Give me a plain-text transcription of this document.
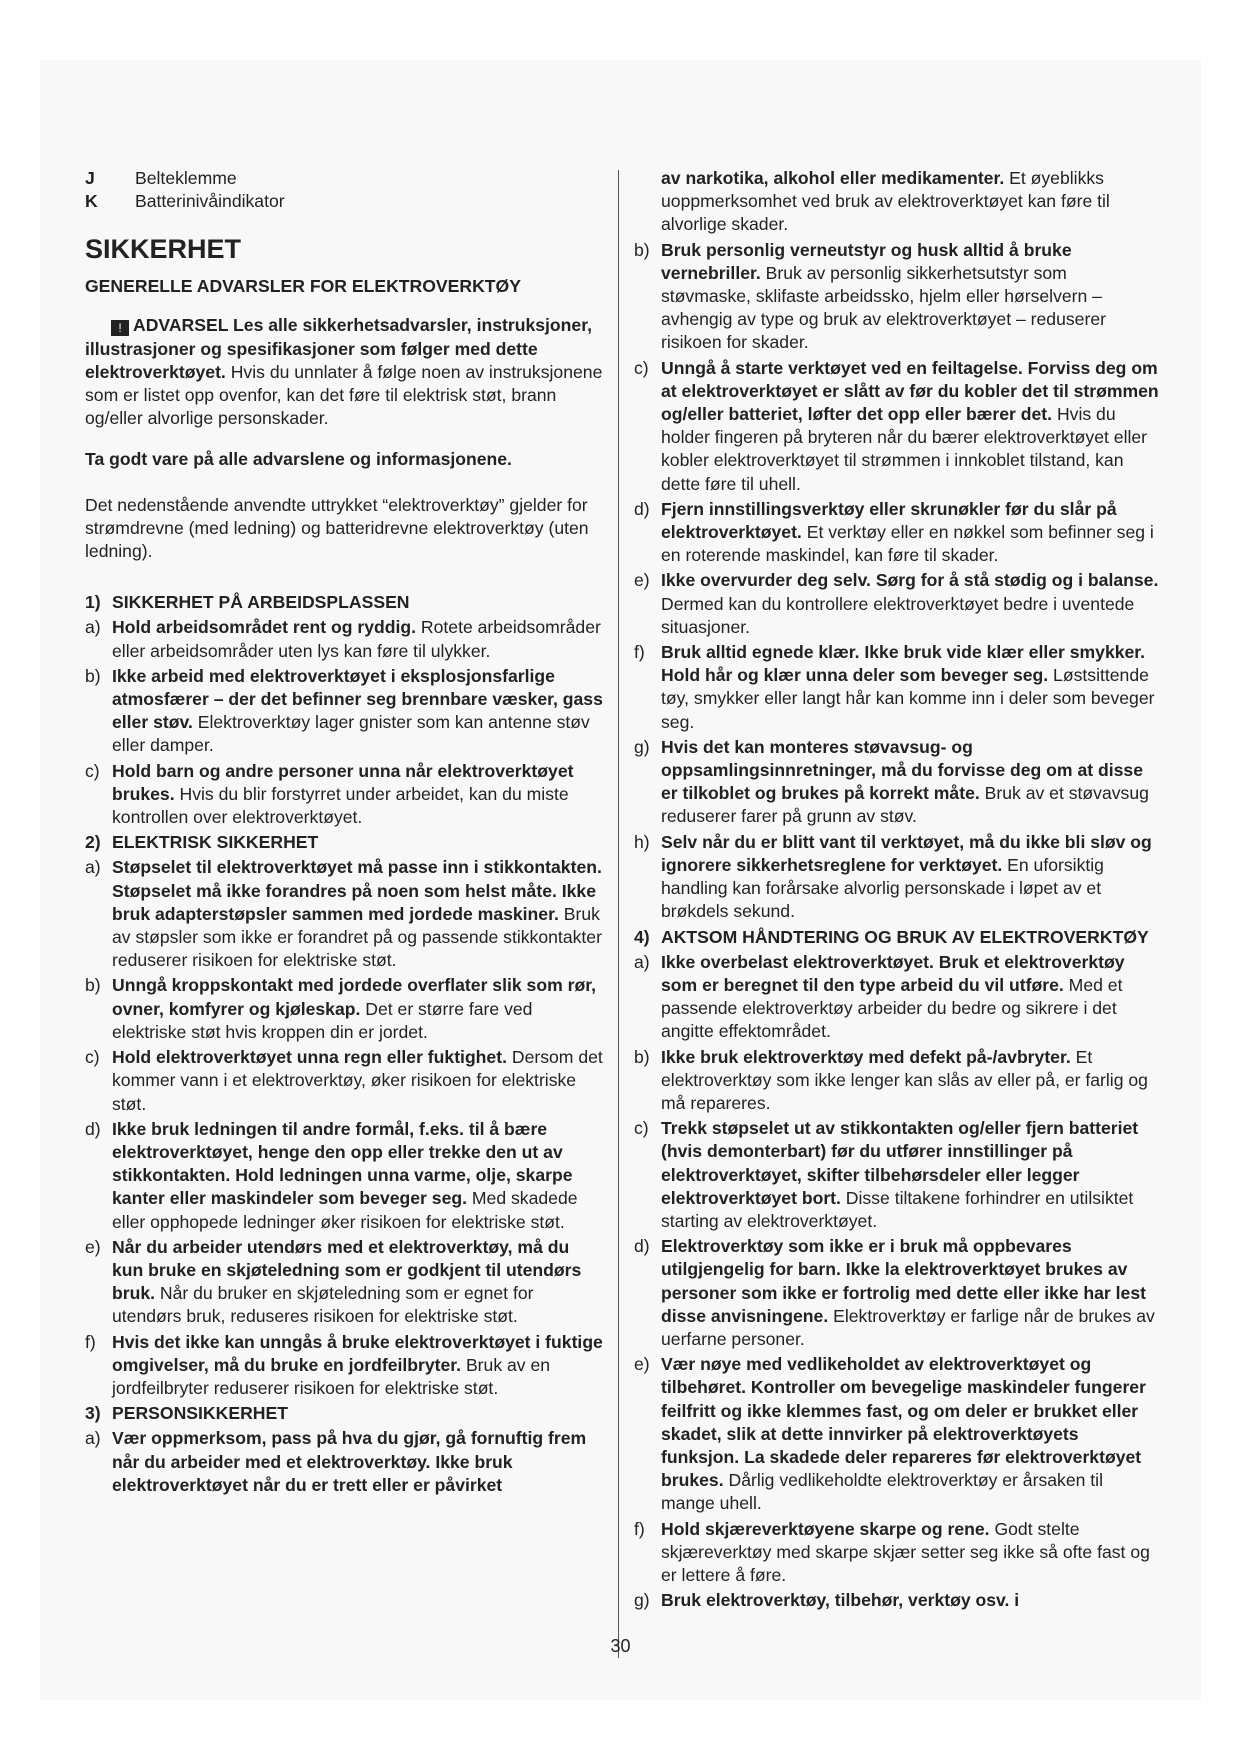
J	Belteklemme
K	Batterinivåindikator
SIKKERHET
GENERELLE ADVARSLER FOR ELEKTROVERKTØY

! ADVARSEL Les alle sikkerhetsadvarsler, instruksjoner, illustrasjoner og spesifikasjoner som følger med dette elektroverktøyet. Hvis du unnlater å følge noen av instruksjonene som er listet opp ovenfor, kan det føre til elektrisk støt, brann og/eller alvorlige personskader.

Ta godt vare på alle advarslene og informasjonene.

Det nedenstående anvendte uttrykket “elektroverktøy” gjelder for strømdrevne (med ledning) og batteridrevne elektroverktøy (uten ledning).

1) SIKKERHET PÅ ARBEIDSPLASSEN
a) Hold arbeidsområdet rent og ryddig. Rotete arbeidsområder eller arbeidsområder uten lys kan føre til ulykker.
b) Ikke arbeid med elektroverktøyet i eksplosjonsfarlige atmosfærer – der det befinner seg brennbare væsker, gass eller støv. Elektroverktøy lager gnister som kan antenne støv eller damper.
c) Hold barn og andre personer unna når elektroverktøyet brukes. Hvis du blir forstyrret under arbeidet, kan du miste kontrollen over elektroverktøyet.
2) ELEKTRISK SIKKERHET
a) Støpselet til elektroverktøyet må passe inn i stikkontakten. Støpselet må ikke forandres på noen som helst måte. Ikke bruk adapterstøpsler sammen med jordede maskiner. Bruk av støpsler som ikke er forandret på og passende stikkontakter reduserer risikoen for elektriske støt.
b) Unngå kroppskontakt med jordede overflater slik som rør, ovner, komfyrer og kjøleskap. Det er større fare ved elektriske støt hvis kroppen din er jordet.
c) Hold elektroverktøyet unna regn eller fuktighet. Dersom det kommer vann i et elektroverktøy, øker risikoen for elektriske støt.
d) Ikke bruk ledningen til andre formål, f.eks. til å bære elektroverktøyet, henge den opp eller trekke den ut av stikkontakten. Hold ledningen unna varme, olje, skarpe kanter eller maskindeler som beveger seg. Med skadede eller opphopede ledninger øker risikoen for elektriske støt.
e) Når du arbeider utendørs med et elektroverktøy, må du kun bruke en skjøteledning som er godkjent til utendørs bruk. Når du bruker en skjøteledning som er egnet for utendørs bruk, reduseres risikoen for elektriske støt.
f) Hvis det ikke kan unngås å bruke elektroverktøyet i fuktige omgivelser, må du bruke en jordfeilbryter. Bruk av en jordfeilbryter reduserer risikoen for elektriske støt.
3) PERSONSIKKERHET
a) Vær oppmerksom, pass på hva du gjør, gå fornuftig frem når du arbeider med et elektroverktøy. Ikke bruk elektroverktøyet når du er trett eller er påvirket

av narkotika, alkohol eller medikamenter. Et øyeblikks uoppmerksomhet ved bruk av elektroverktøyet kan føre til alvorlige skader.

b) Bruk personlig verneutstyr og husk alltid å bruke vernebriller. Bruk av personlig sikkerhetsutstyr som støvmaske, sklifaste arbeidssko, hjelm eller hørselvern – avhengig av type og bruk av elektroverktøyet – reduserer risikoen for skader.
c) Unngå å starte verktøyet ved en feiltagelse. Forviss deg om at elektroverktøyet er slått av før du kobler det til strømmen og/eller batteriet, løfter det opp eller bærer det. Hvis du holder fingeren på bryteren når du bærer elektroverktøyet eller kobler elektroverktøyet til strømmen i innkoblet tilstand, kan dette føre til uhell.
d) Fjern innstillingsverktøy eller skrunøkler før du slår på elektroverktøyet. Et verktøy eller en nøkkel som befinner seg i en roterende maskindel, kan føre til skader.
e) Ikke overvurder deg selv. Sørg for å stå stødig og i balanse. Dermed kan du kontrollere elektroverktøyet bedre i uventede situasjoner.
f) Bruk alltid egnede klær. Ikke bruk vide klær eller smykker. Hold hår og klær unna deler som beveger seg. Løstsittende tøy, smykker eller langt hår kan komme inn i deler som beveger seg.
g) Hvis det kan monteres støvavsug- og oppsamlingsinnretninger, må du forvisse deg om at disse er tilkoblet og brukes på korrekt måte. Bruk av et støvavsug reduserer farer på grunn av støv.
h) Selv når du er blitt vant til verktøyet, må du ikke bli sløv og ignorere sikkerhetsreglene for verktøyet. En uforsiktig handling kan forårsake alvorlig personskade i løpet av et brøkdels sekund.
4) AKTSOM HÅNDTERING OG BRUK AV ELEKTROVERKTØY
a) Ikke overbelast elektroverktøyet. Bruk et elektroverktøy som er beregnet til den type arbeid du vil utføre. Med et passende elektroverktøy arbeider du bedre og sikrere i det angitte effektområdet.
b) Ikke bruk elektroverktøy med defekt på-/avbryter. Et elektroverktøy som ikke lenger kan slås av eller på, er farlig og må repareres.
c) Trekk støpselet ut av stikkontakten og/eller fjern batteriet (hvis demonterbart) før du utfører innstillinger på elektroverktøyet, skifter tilbehørsdeler eller legger elektroverktøyet bort. Disse tiltakene forhindrer en utilsiktet starting av elektroverktøyet.
d) Elektroverktøy som ikke er i bruk må oppbevares utilgjengelig for barn. Ikke la elektroverktøyet brukes av personer som ikke er fortrolig med dette eller ikke har lest disse anvisningene. Elektroverktøy er farlige når de brukes av uerfarne personer.
e) Vær nøye med vedlikeholdet av elektroverktøyet og tilbehøret. Kontroller om bevegelige maskindeler fungerer feilfritt og ikke klemmes fast, og om deler er brukket eller skadet, slik at dette innvirker på elektroverktøyets funksjon. La skadede deler repareres før elektroverktøyet brukes. Dårlig vedlikeholdte elektroverktøy er årsaken til mange uhell.
f) Hold skjæreverktøyene skarpe og rene. Godt stelte skjæreverktøy med skarpe skjær setter seg ikke så ofte fast og er lettere å føre.
g) Bruk elektroverktøy, tilbehør, verktøy osv. i
30
